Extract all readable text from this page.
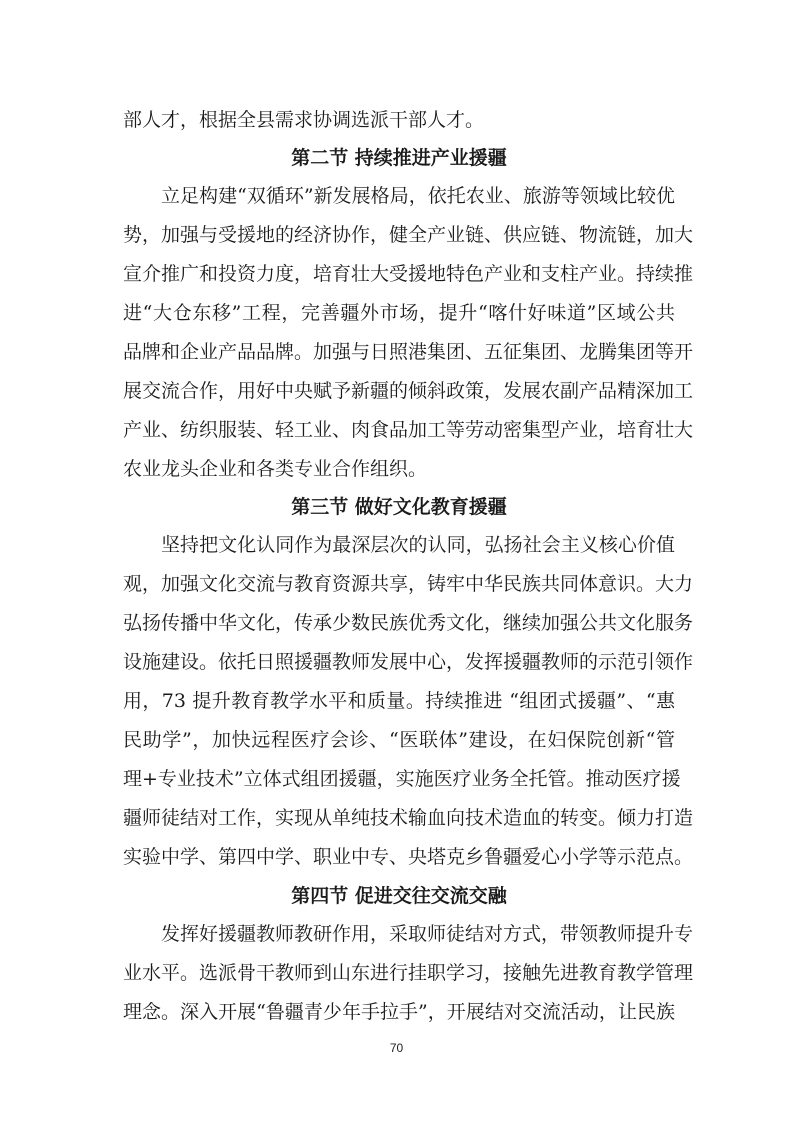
部人才，根据全县需求协调选派干部人才。
第二节 持续推进产业援疆
立足构建“双循环”新发展格局，依托农业、旅游等领域比较优
势，加强与受援地的经济协作，健全产业链、供应链、物流链，加大
宣介推广和投资力度，培育壮大受援地特色产业和支柱产业。持续推
进“大仓东移”工程，完善疆外市场，提升“喀什好味道”区域公共
品牌和企业产品品牌。加强与日照港集团、五征集团、龙腾集团等开
展交流合作，用好中央赋予新疆的倾斜政策，发展农副产品精深加工
产业、纺织服装、轻工业、肉食品加工等劳动密集型产业，培育壮大
农业龙头企业和各类专业合作组织。
第三节 做好文化教育援疆
坚持把文化认同作为最深层次的认同，弘扬社会主义核心价值
观，加强文化交流与教育资源共享，铸牢中华民族共同体意识。大力
弘扬传播中华文化，传承少数民族优秀文化，继续加强公共文化服务
设施建设。依托日照援疆教师发展中心，发挥援疆教师的示范引领作
用，73 提升教育教学水平和质量。持续推进 “组团式援疆”、“惠
民助学”，加快远程医疗会诊、“医联体”建设，在妇保院创新“管
理+专业技术”立体式组团援疆，实施医疗业务全托管。推动医疗援
疆师徒结对工作，实现从单纯技术输血向技术造血的转变。倾力打造
实验中学、第四中学、职业中专、央塔克乡鲁疆爱心小学等示范点。
第四节 促进交往交流交融
发挥好援疆教师教研作用，采取师徒结对方式，带领教师提升专
业水平。选派骨干教师到山东进行挂职学习，接触先进教育教学管理
理念。深入开展“鲁疆青少年手拉手”，开展结对交流活动，让民族
70
